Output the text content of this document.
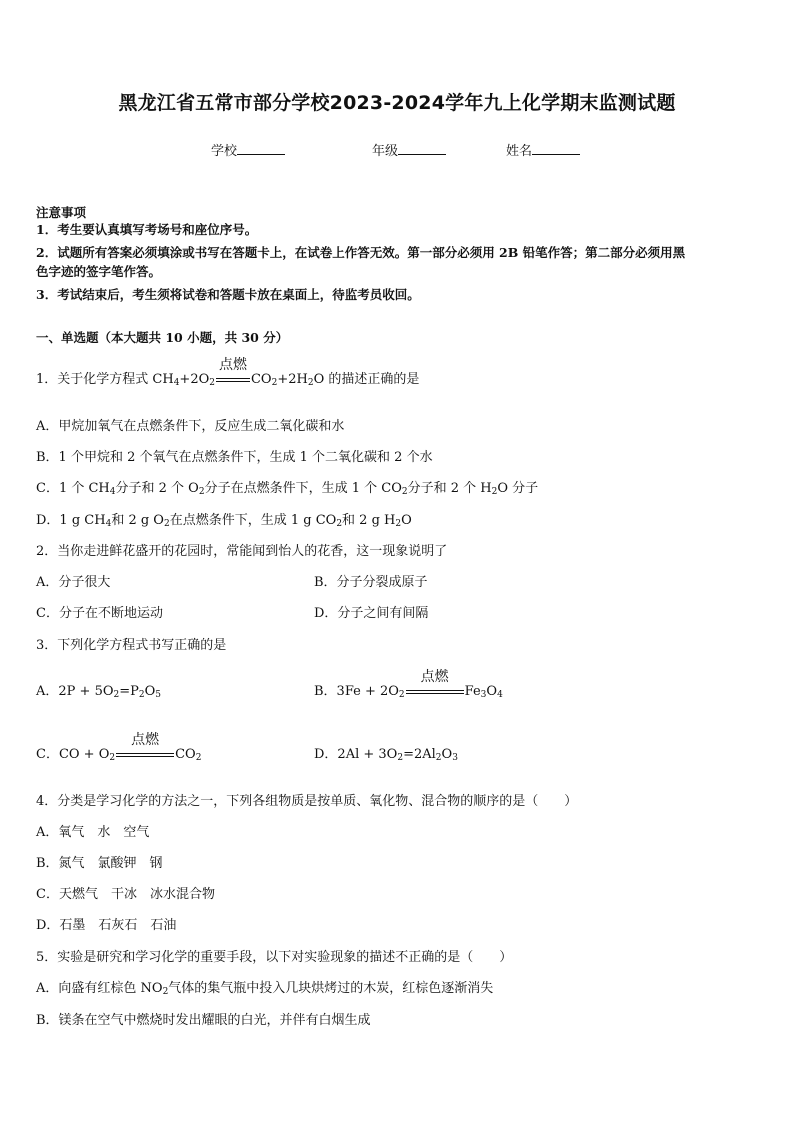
黑龙江省五常市部分学校2023-2024学年九上化学期末监测试题
学校	年级	姓名
注意事项
1．考生要认真填写考场号和座位序号。
2．试题所有答案必须填涂或书写在答题卡上，在试卷上作答无效。第一部分必须用 2B 铅笔作答；第二部分必须用黑
色字迹的签字笔作答。
3．考试结束后，考生须将试卷和答题卡放在桌面上，待监考员收回。
一、单选题（本大题共 10 小题，共 30 分）
1．关于化学方程式 $CH_4+2O_2$
点燃
$CO_2+2H_2O$ 的描述正确的是
A．甲烷加氧气在点燃条件下，反应生成二氧化碳和水
B．1 个甲烷和 2 个氧气在点燃条件下，生成 1 个二氧化碳和 2 个水
C．1 个 $CH_4$分子和 2 个 $O_2$分子在点燃条件下，生成 1 个 $CO_2$分子和 2 个 $H_2O$ 分子
D．1 g $CH_4$和 2 g $O_2$在点燃条件下，生成 1 g $CO_2$和 2 g $H_2O$
2．当你走进鲜花盛开的花园时，常能闻到怡人的花香，这一现象说明了
A．分子很大	B．分子分裂成原子
C．分子在不断地运动	D．分子之间有间隔
3．下列化学方程式书写正确的是
A．$2P + 5O_2=P_2O_5$	B．$3Fe + 2O_2$
点燃
$Fe_3O_4$
C．CO + $O_2$
点燃
$CO_2$	D．$2Al + 3O_2=2Al_2O_3$
4．分类是学习化学的方法之一，下列各组物质是按单质、氧化物、混合物的顺序的是（　　）
A．氧气　水　空气
B．氮气　氯酸钾　钢
C．天燃气　干冰　冰水混合物
D．石墨　石灰石　石油
5．实验是研究和学习化学的重要手段，以下对实验现象的描述不正确的是（　　）
A．向盛有红棕色 $NO_2$气体的集气瓶中投入几块烘烤过的木炭，红棕色逐渐消失
B．镁条在空气中燃烧时发出耀眼的白光，并伴有白烟生成
